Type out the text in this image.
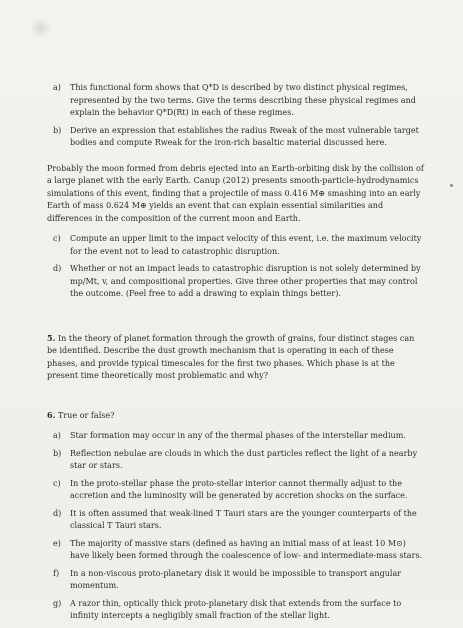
a) This functional form shows that Q*D is described by two distinct physical regimes, represented by the two terms. Give the terms describing these physical regimes and explain the behavior Q*D(Rt) in each of these regimes.
b) Derive an expression that establishes the radius Rweak of the most vulnerable target bodies and compute Rweak for the iron-rich basaltic material discussed here.

Probably the moon formed from debris ejected into an Earth-orbiting disk by the collision of a large planet with the early Earth. Canup (2012) presents smooth-particle-hydrodynamics simulations of this event, finding that a projectile of mass 0.416 M⊕ smashing into an early Earth of mass 0.624 M⊕ yields an event that can explain essential similarities and differences in the composition of the current moon and Earth.

c) Compute an upper limit to the impact velocity of this event, i.e. the maximum velocity for the event not to lead to catastrophic disruption.
d) Whether or not an impact leads to catastrophic disruption is not solely determined by mp/Mt, v, and compositional properties. Give three other properties that may control the outcome. (Feel free to add a drawing to explain things better).

5. In the theory of planet formation through the growth of grains, four distinct stages can be identified. Describe the dust growth mechanism that is operating in each of these phases, and provide typical timescales for the first two phases. Which phase is at the present time theoretically most problematic and why?

6. True or false?

a) Star formation may occur in any of the thermal phases of the interstellar medium.
b) Reflection nebulae are clouds in which the dust particles reflect the light of a nearby star or stars.
c) In the proto-stellar phase the proto-stellar interior cannot thermally adjust to the accretion and the luminosity will be generated by accretion shocks on the surface.
d) It is often assumed that weak-lined T Tauri stars are the younger counterparts of the classical T Tauri stars.
e) The majority of massive stars (defined as having an initial mass of at least 10 M⊙) have likely been formed through the coalescence of low- and intermediate-mass stars.
f) In a non-viscous proto-planetary disk it would be impossible to transport angular momentum.
g) A razor thin, optically thick proto-planetary disk that extends from the surface to infinity intercepts a negligibly small fraction of the stellar light.
